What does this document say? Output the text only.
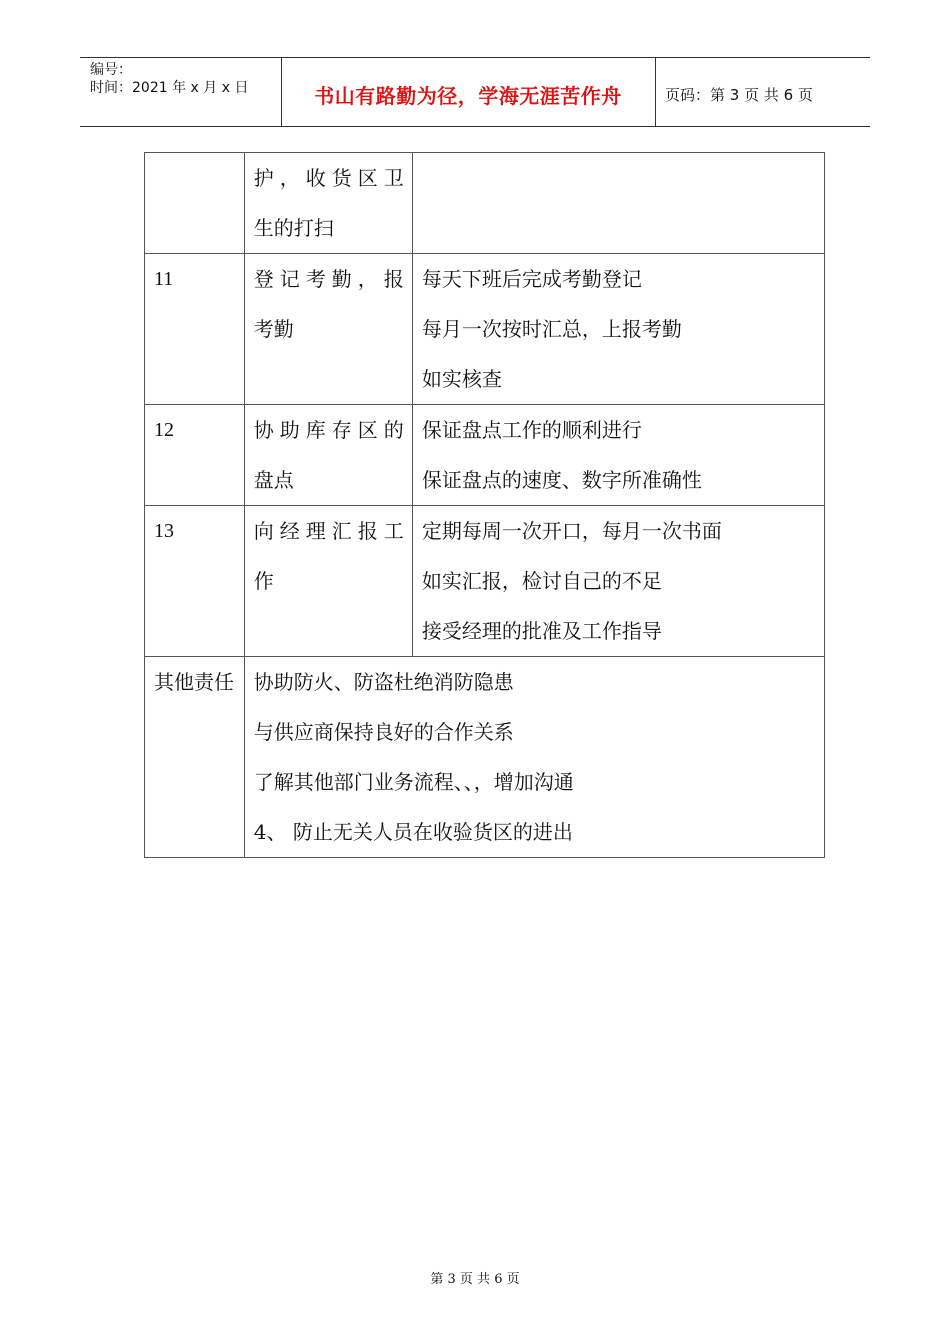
编号：
时间：2021 年 x 月 x 日	书山有路勤为径，学海无涯苦作舟	页码：第 3 页 共 6 页

	护，收货区卫
生的打扫	

11	登记考勤，报
考勤	每天下班后完成考勤登记
每月一次按时汇总，上报考勤
如实核查

12	协助库存区的
盘点	保证盘点工作的顺利进行
保证盘点的速度、数字所准确性

13	向经理汇报工
作	定期每周一次开口，每月一次书面
如实汇报，检讨自己的不足
接受经理的批准及工作指导

其他责任	协助防火、防盗杜绝消防隐患
与供应商保持良好的合作关系
了解其他部门业务流程、、，增加沟通
4、 防止无关人员在收验货区的进出	
第 3 页 共 6 页
